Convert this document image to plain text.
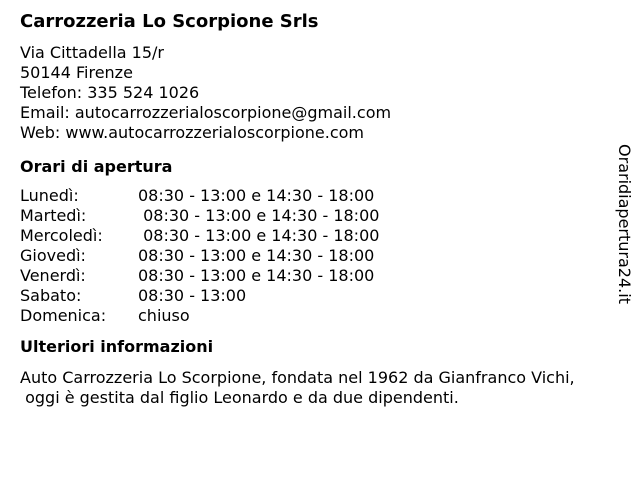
Carrozzeria Lo Scorpione Srls
Via Cittadella 15/r
50144 Firenze
Telefon: 335 524 1026
Email: autocarrozzerialoscorpione@gmail.com
Web: www.autocarrozzerialoscorpione.com
Orari di apertura
Lunedì:	08:30 - 13:00 e 14:30 - 18:00
Martedì:	08:30 - 13:00 e 14:30 - 18:00
Mercoledì:	08:30 - 13:00 e 14:30 - 18:00
Giovedì:	08:30 - 13:00 e 14:30 - 18:00
Venerdì:	08:30 - 13:00 e 14:30 - 18:00
Sabato:	08:30 - 13:00
Domenica:	chiuso
Ulteriori informazioni
Auto Carrozzeria Lo Scorpione, fondata nel 1962 da Gianfranco Vichi,
oggi è gestita dal figlio Leonardo e da due dipendenti.
Oraridiapertura24.it
